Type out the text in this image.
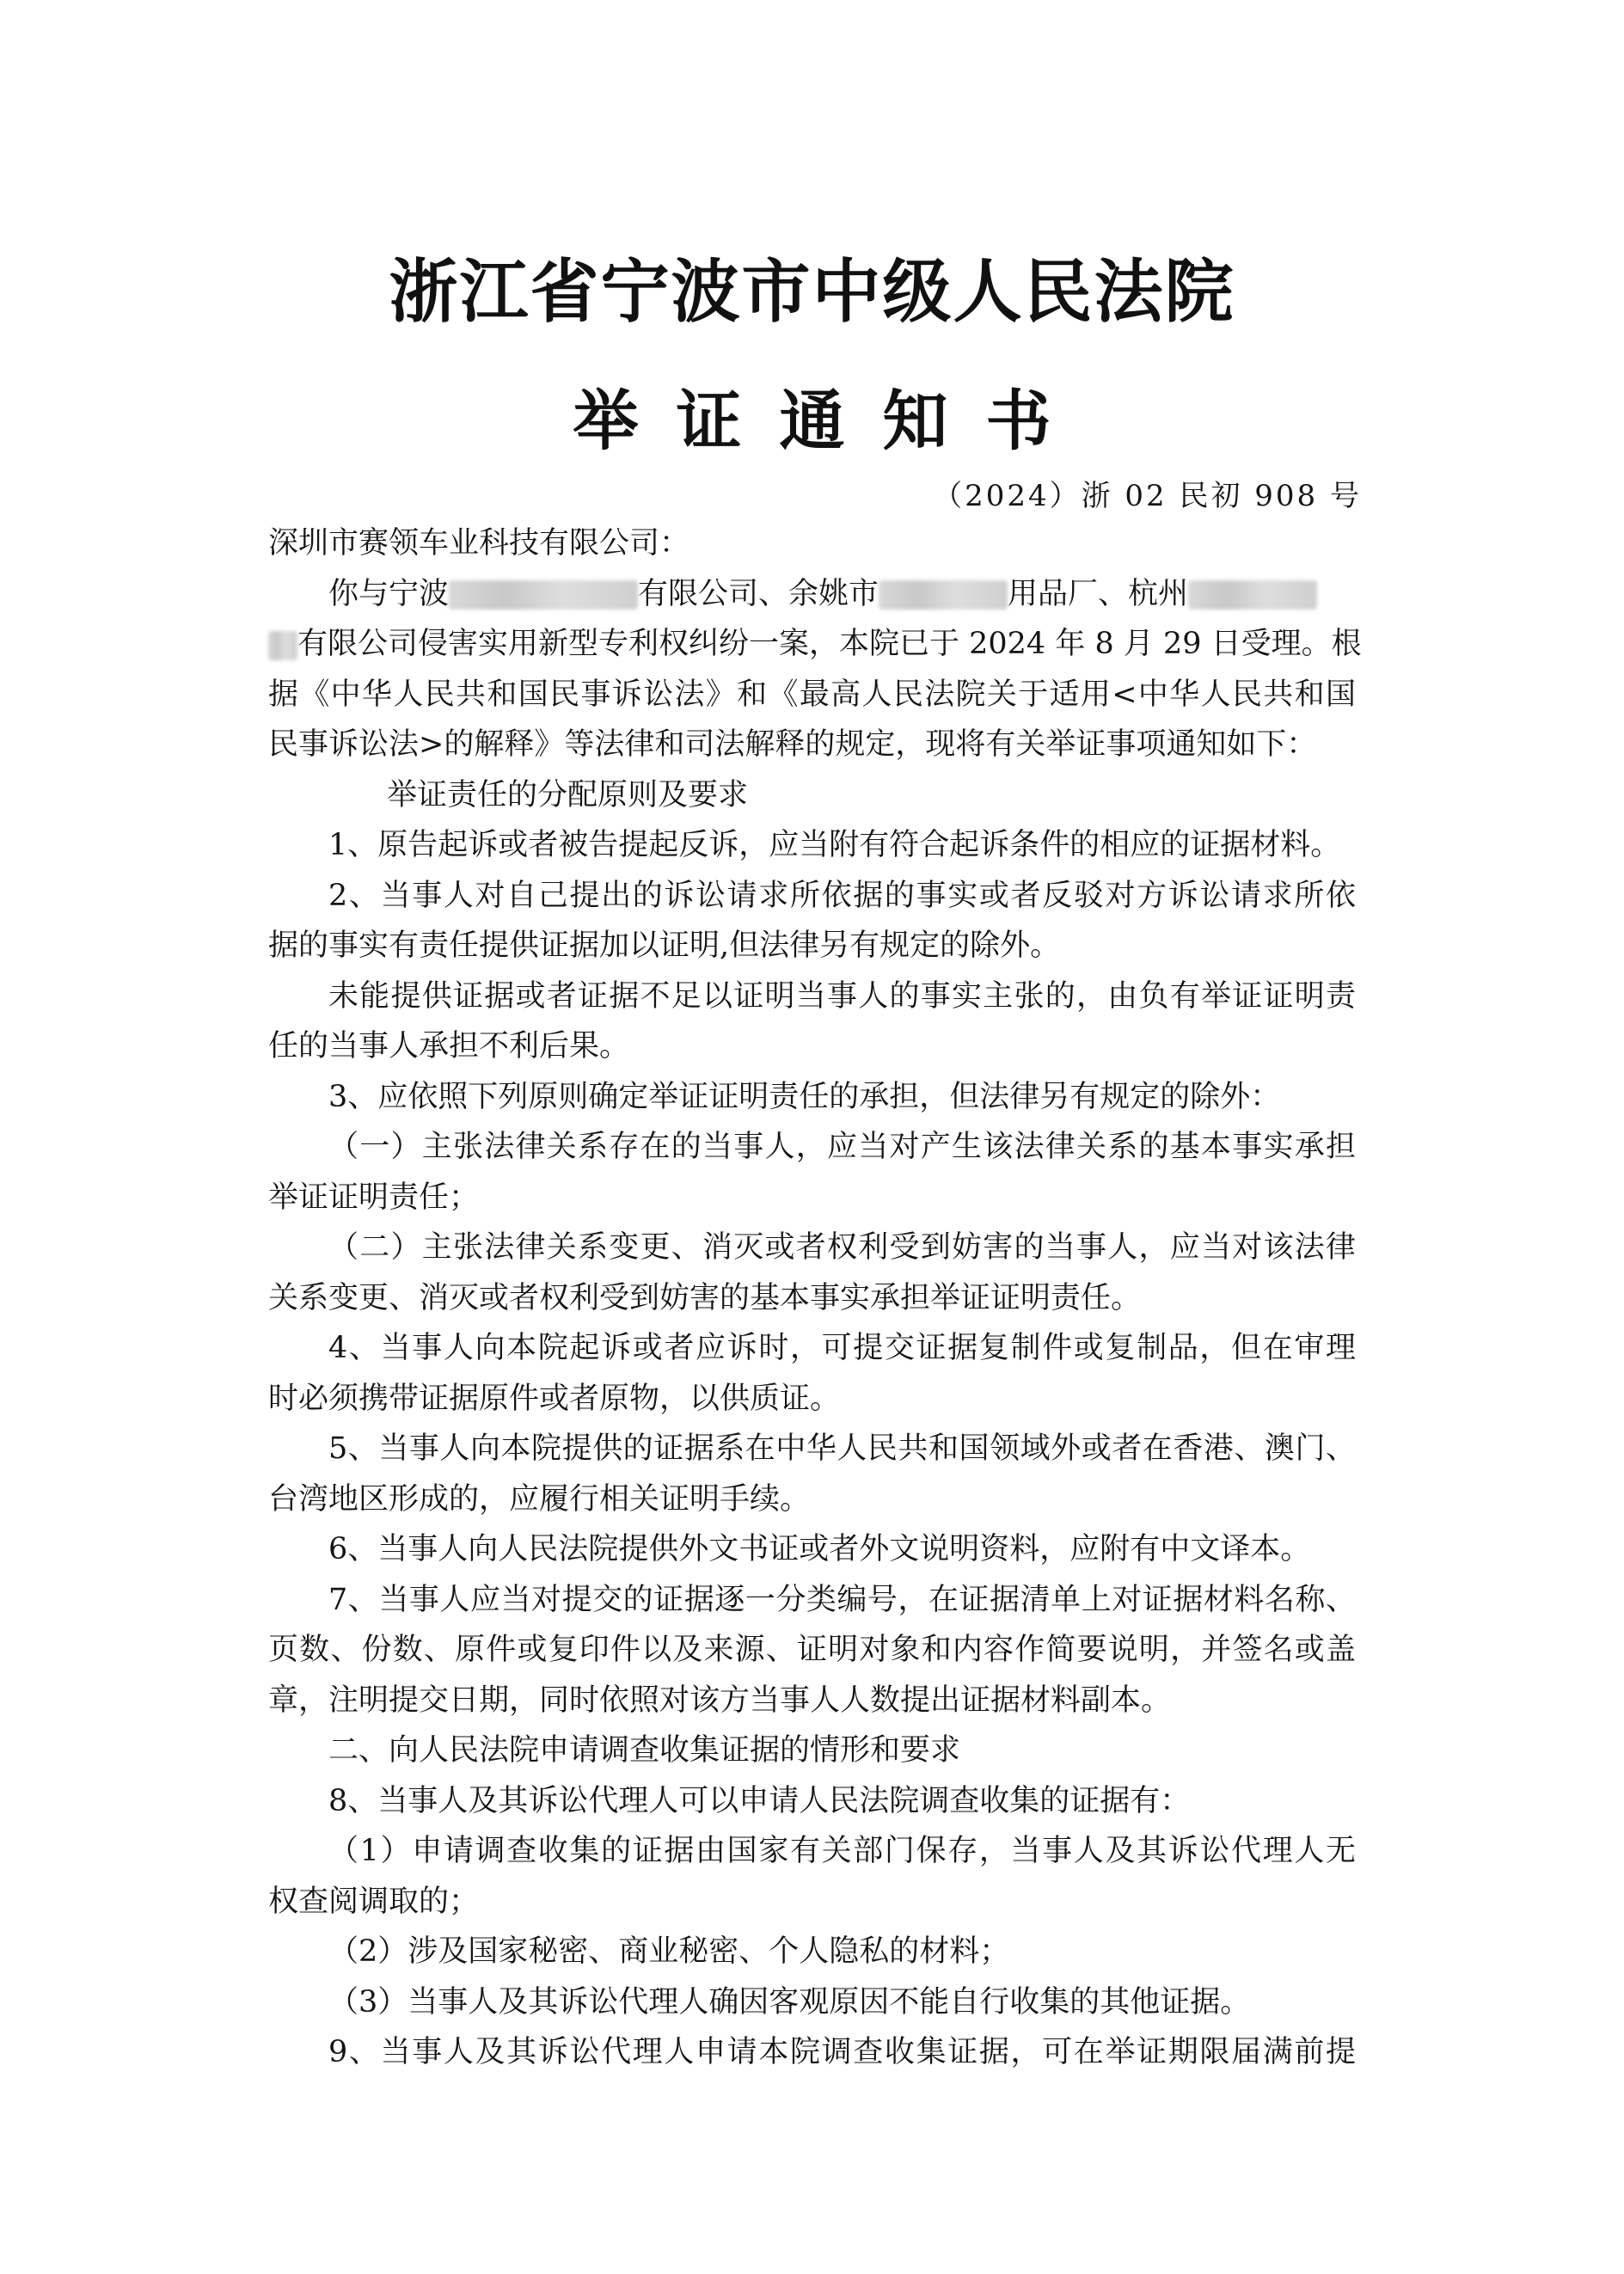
浙江省宁波市中级人民法院
举证通知书
（2024）浙 02 民初 908 号
深圳市赛领车业科技有限公司：
你与宁波	有限公司、余姚市	用品厂、杭州
有限公司侵害实用新型专利权纠纷一案，本院已于 2024 年 8 月 29 日受理。根
据《中华人民共和国民事诉讼法》和《最高人民法院关于适用<中华人民共和国
民事诉讼法>的解释》等法律和司法解释的规定，现将有关举证事项通知如下：
举证责任的分配原则及要求
1、原告起诉或者被告提起反诉，应当附有符合起诉条件的相应的证据材料。
2、当事人对自己提出的诉讼请求所依据的事实或者反驳对方诉讼请求所依
据的事实有责任提供证据加以证明,但法律另有规定的除外。
未能提供证据或者证据不足以证明当事人的事实主张的，由负有举证证明责
任的当事人承担不利后果。
3、应依照下列原则确定举证证明责任的承担，但法律另有规定的除外：
（一）主张法律关系存在的当事人，应当对产生该法律关系的基本事实承担
举证证明责任；
（二）主张法律关系变更、消灭或者权利受到妨害的当事人，应当对该法律
关系变更、消灭或者权利受到妨害的基本事实承担举证证明责任。
4、当事人向本院起诉或者应诉时，可提交证据复制件或复制品，但在审理
时必须携带证据原件或者原物，以供质证。
5、当事人向本院提供的证据系在中华人民共和国领域外或者在香港、澳门、
台湾地区形成的，应履行相关证明手续。
6、当事人向人民法院提供外文书证或者外文说明资料，应附有中文译本。
7、当事人应当对提交的证据逐一分类编号，在证据清单上对证据材料名称、
页数、份数、原件或复印件以及来源、证明对象和内容作简要说明，并签名或盖
章，注明提交日期，同时依照对该方当事人人数提出证据材料副本。
二、向人民法院申请调查收集证据的情形和要求
8、当事人及其诉讼代理人可以申请人民法院调查收集的证据有：
（1）申请调查收集的证据由国家有关部门保存，当事人及其诉讼代理人无
权查阅调取的；
（2）涉及国家秘密、商业秘密、个人隐私的材料；
（3）当事人及其诉讼代理人确因客观原因不能自行收集的其他证据。
9、当事人及其诉讼代理人申请本院调查收集证据，可在举证期限届满前提
